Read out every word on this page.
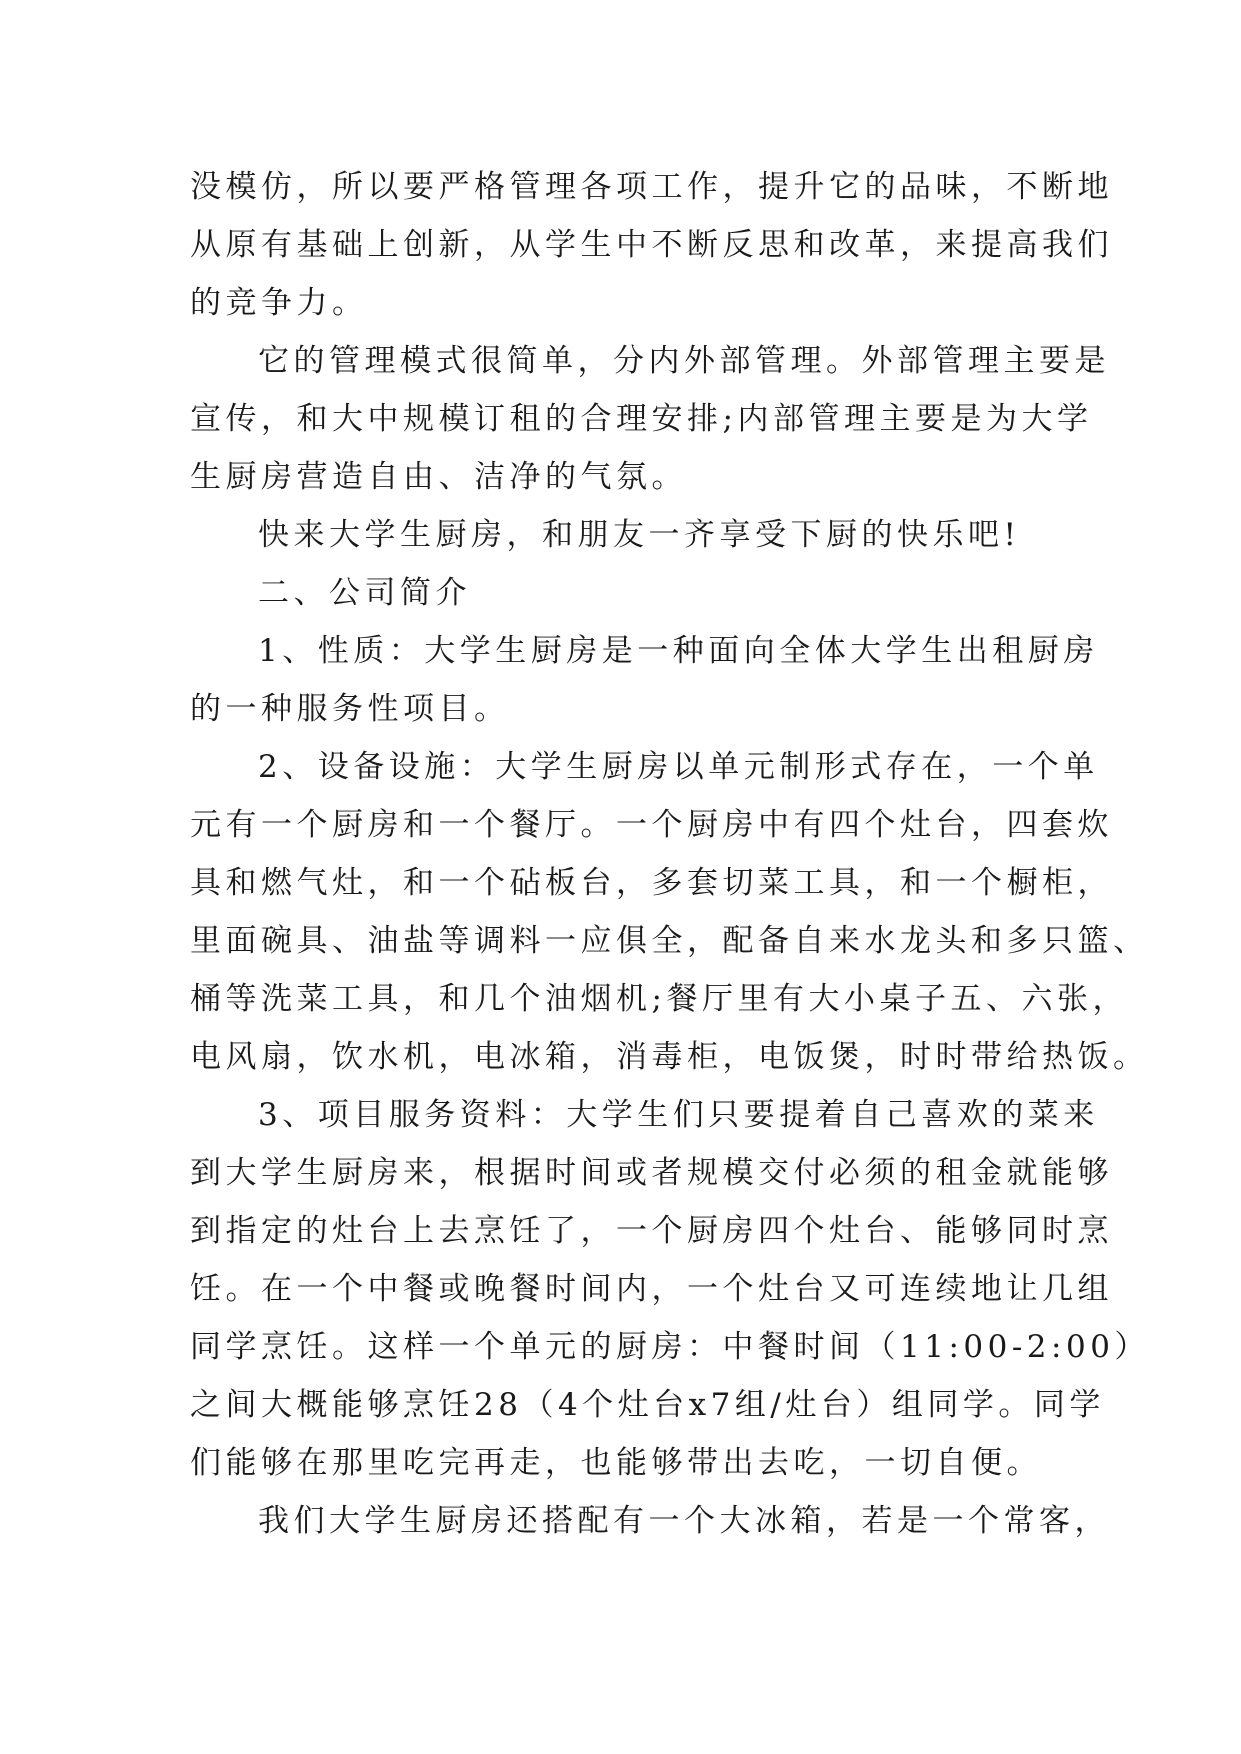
没模仿，所以要严格管理各项工作，提升它的品味，不断地
从原有基础上创新，从学生中不断反思和改革，来提高我们
的竞争力。
它的管理模式很简单，分内外部管理。外部管理主要是
宣传，和大中规模订租的合理安排;内部管理主要是为大学
生厨房营造自由、洁净的气氛。
快来大学生厨房，和朋友一齐享受下厨的快乐吧!
二、公司简介
1、性质：大学生厨房是一种面向全体大学生出租厨房
的一种服务性项目。
2、设备设施：大学生厨房以单元制形式存在，一个单
元有一个厨房和一个餐厅。一个厨房中有四个灶台，四套炊
具和燃气灶，和一个砧板台，多套切菜工具，和一个橱柜，
里面碗具、油盐等调料一应俱全，配备自来水龙头和多只篮、
桶等洗菜工具，和几个油烟机;餐厅里有大小桌子五、六张，
电风扇，饮水机，电冰箱，消毒柜，电饭煲，时时带给热饭。
3、项目服务资料：大学生们只要提着自己喜欢的菜来
到大学生厨房来，根据时间或者规模交付必须的租金就能够
到指定的灶台上去烹饪了，一个厨房四个灶台、能够同时烹
饪。在一个中餐或晚餐时间内，一个灶台又可连续地让几组
同学烹饪。这样一个单元的厨房：中餐时间（11:00-2:00）
之间大概能够烹饪28（4个灶台x7组/灶台）组同学。同学
们能够在那里吃完再走，也能够带出去吃，一切自便。
我们大学生厨房还搭配有一个大冰箱，若是一个常客，
